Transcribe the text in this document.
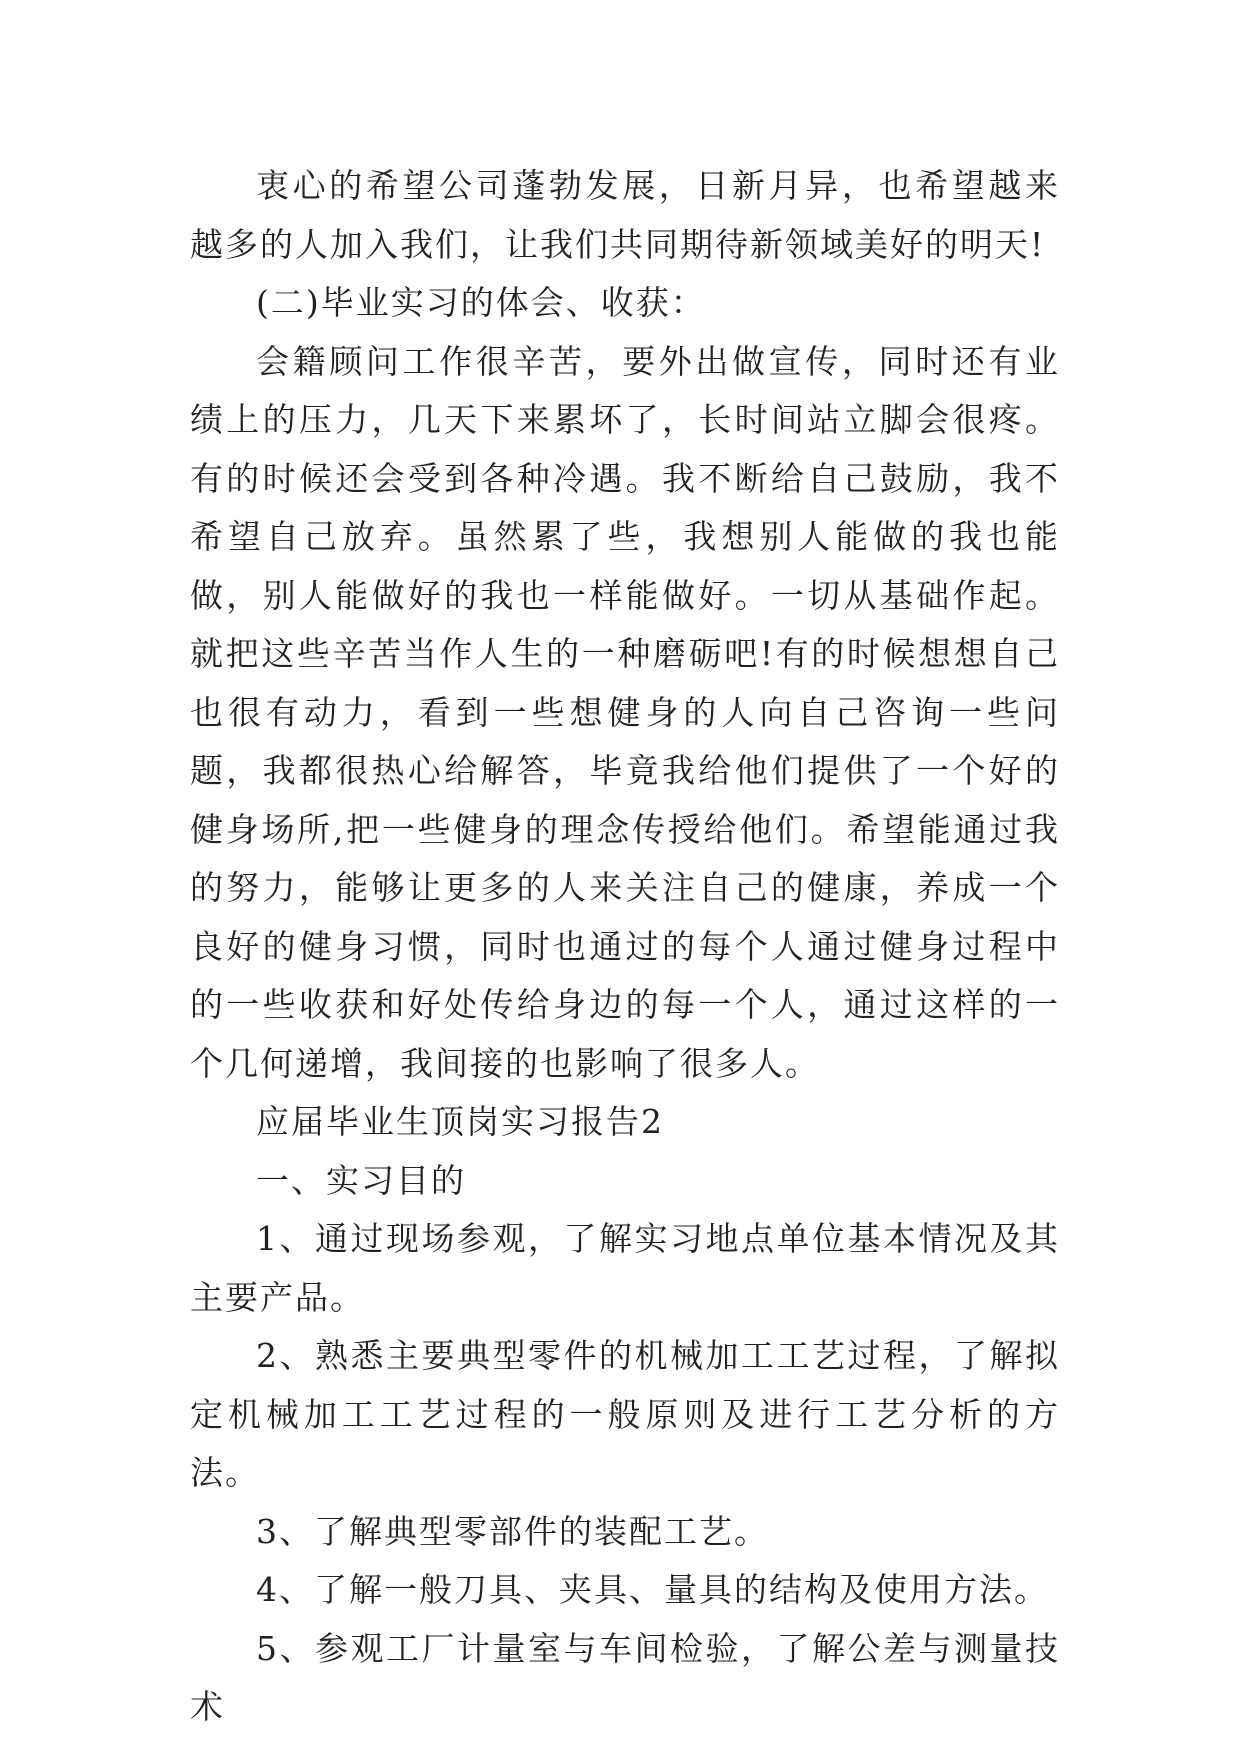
衷心的希望公司蓬勃发展，日新月异，也希望越来越多的人加入我们，让我们共同期待新领域美好的明天!

(二)毕业实习的体会、收获：

会籍顾问工作很辛苦，要外出做宣传，同时还有业绩上的压力，几天下来累坏了，长时间站立脚会很疼。有的时候还会受到各种冷遇。我不断给自己鼓励，我不希望自己放弃。虽然累了些，我想别人能做的我也能做，别人能做好的我也一样能做好。一切从基础作起。就把这些辛苦当作人生的一种磨砺吧!有的时候想想自己也很有动力，看到一些想健身的人向自己咨询一些问题，我都很热心给解答，毕竟我给他们提供了一个好的健身场所,把一些健身的理念传授给他们。希望能通过我的努力，能够让更多的人来关注自己的健康，养成一个良好的健身习惯，同时也通过的每个人通过健身过程中的一些收获和好处传给身边的每一个人，通过这样的一个几何递增，我间接的也影响了很多人。

应届毕业生顶岗实习报告2

一、实习目的

1、通过现场参观，了解实习地点单位基本情况及其主要产品。

2、熟悉主要典型零件的机械加工工艺过程，了解拟定机械加工工艺过程的一般原则及进行工艺分析的方法。

3、了解典型零部件的装配工艺。

4、了解一般刀具、夹具、量具的结构及使用方法。

5、参观工厂计量室与车间检验，了解公差与测量技术
